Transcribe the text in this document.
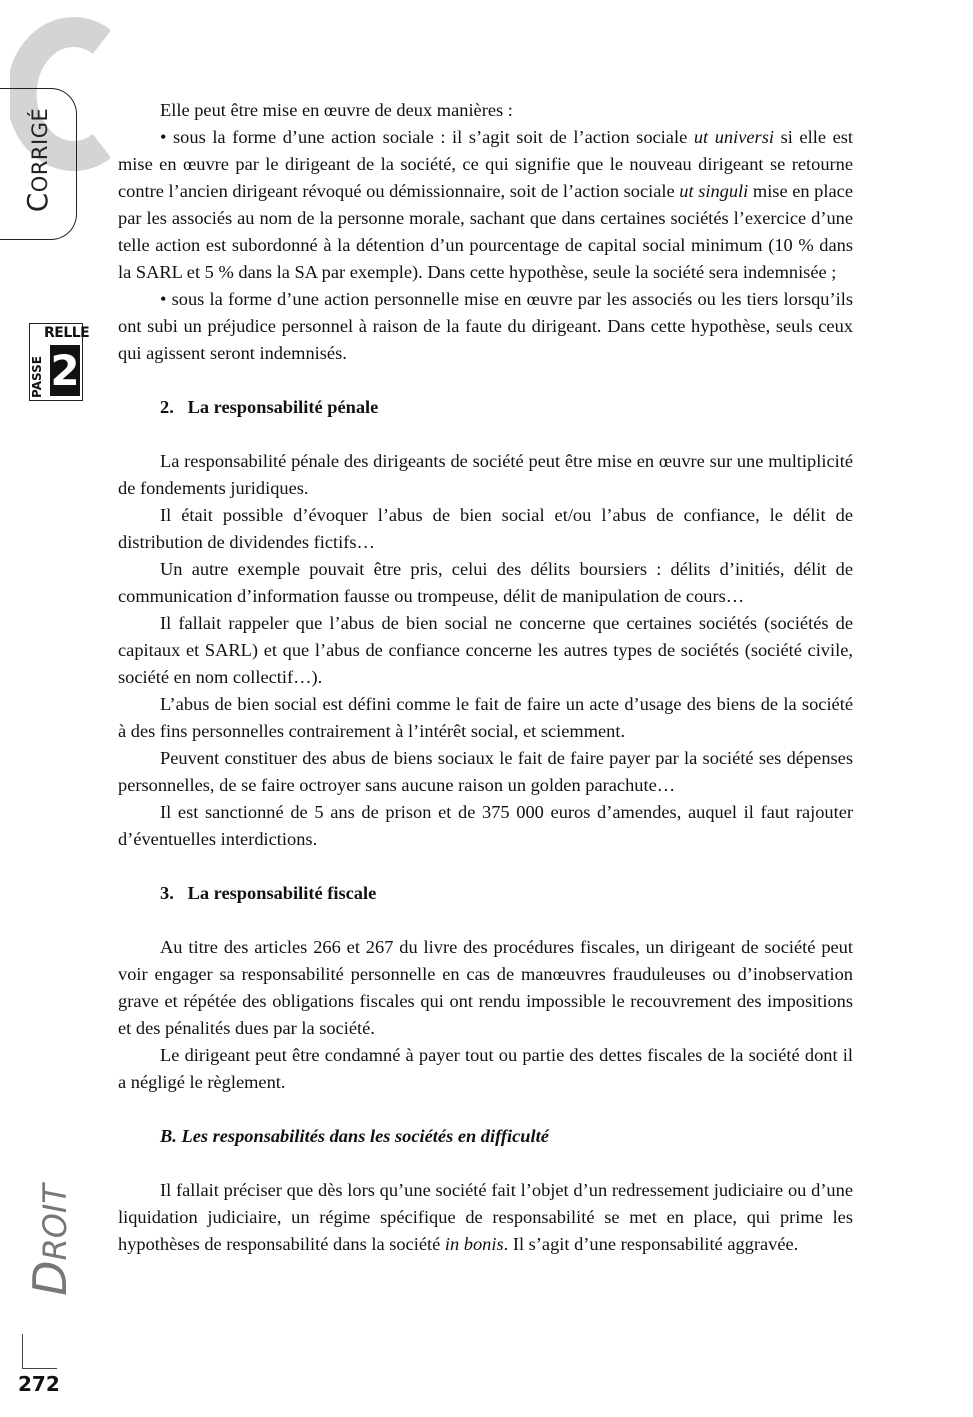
CORRIGÉ
RELLE
PASSE 2
Droit
272

Elle peut être mise en œuvre de deux manières :

• sous la forme d’une action sociale : il s’agit soit de l’action sociale ut universi si elle est mise en œuvre par le dirigeant de la société, ce qui signifie que le nouveau dirigeant se retourne contre l’ancien dirigeant révoqué ou démissionnaire, soit de l’action sociale ut singuli mise en place par les associés au nom de la personne morale, sachant que dans certaines sociétés l’exercice d’une telle action est subordonné à la détention d’un pourcentage de capital social minimum (10 % dans la SARL et 5 % dans la SA par exemple). Dans cette hypothèse, seule la société sera indemnisée ;

• sous la forme d’une action personnelle mise en œuvre par les associés ou les tiers lorsqu’ils ont subi un préjudice personnel à raison de la faute du dirigeant. Dans cette hypothèse, seuls ceux qui agissent seront indemnisés.

2.   La responsabilité pénale

La responsabilité pénale des dirigeants de société peut être mise en œuvre sur une multiplicité de fondements juridiques.

Il était possible d’évoquer l’abus de bien social et/ou l’abus de confiance, le délit de distribution de dividendes fictifs…

Un autre exemple pouvait être pris, celui des délits boursiers : délits d’initiés, délit de communication d’information fausse ou trompeuse, délit de manipulation de cours…

Il fallait rappeler que l’abus de bien social ne concerne que certaines sociétés (sociétés de capitaux et SARL) et que l’abus de confiance concerne les autres types de sociétés (société civile, société en nom collectif…).

L’abus de bien social est défini comme le fait de faire un acte d’usage des biens de la société à des fins personnelles contrairement à l’intérêt social, et sciemment.

Peuvent constituer des abus de biens sociaux le fait de faire payer par la société ses dépenses personnelles, de se faire octroyer sans aucune raison un golden parachute…

Il est sanctionné de 5 ans de prison et de 375 000 euros d’amendes, auquel il faut rajouter d’éventuelles interdictions.

3.   La responsabilité fiscale

Au titre des articles 266 et 267 du livre des procédures fiscales, un dirigeant de société peut voir engager sa responsabilité personnelle en cas de manœuvres frauduleuses ou d’inobservation grave et répétée des obligations fiscales qui ont rendu impossible le recouvrement des impositions et des pénalités dues par la société.

Le dirigeant peut être condamné à payer tout ou partie des dettes fiscales de la société dont il a négligé le règlement.

B. Les responsabilités dans les sociétés en difficulté

Il fallait préciser que dès lors qu’une société fait l’objet d’un redressement judiciaire ou d’une liquidation judiciaire, un régime spécifique de responsabilité se met en place, qui prime les hypothèses de responsabilité dans la société in bonis. Il s’agit d’une responsabilité aggravée.
